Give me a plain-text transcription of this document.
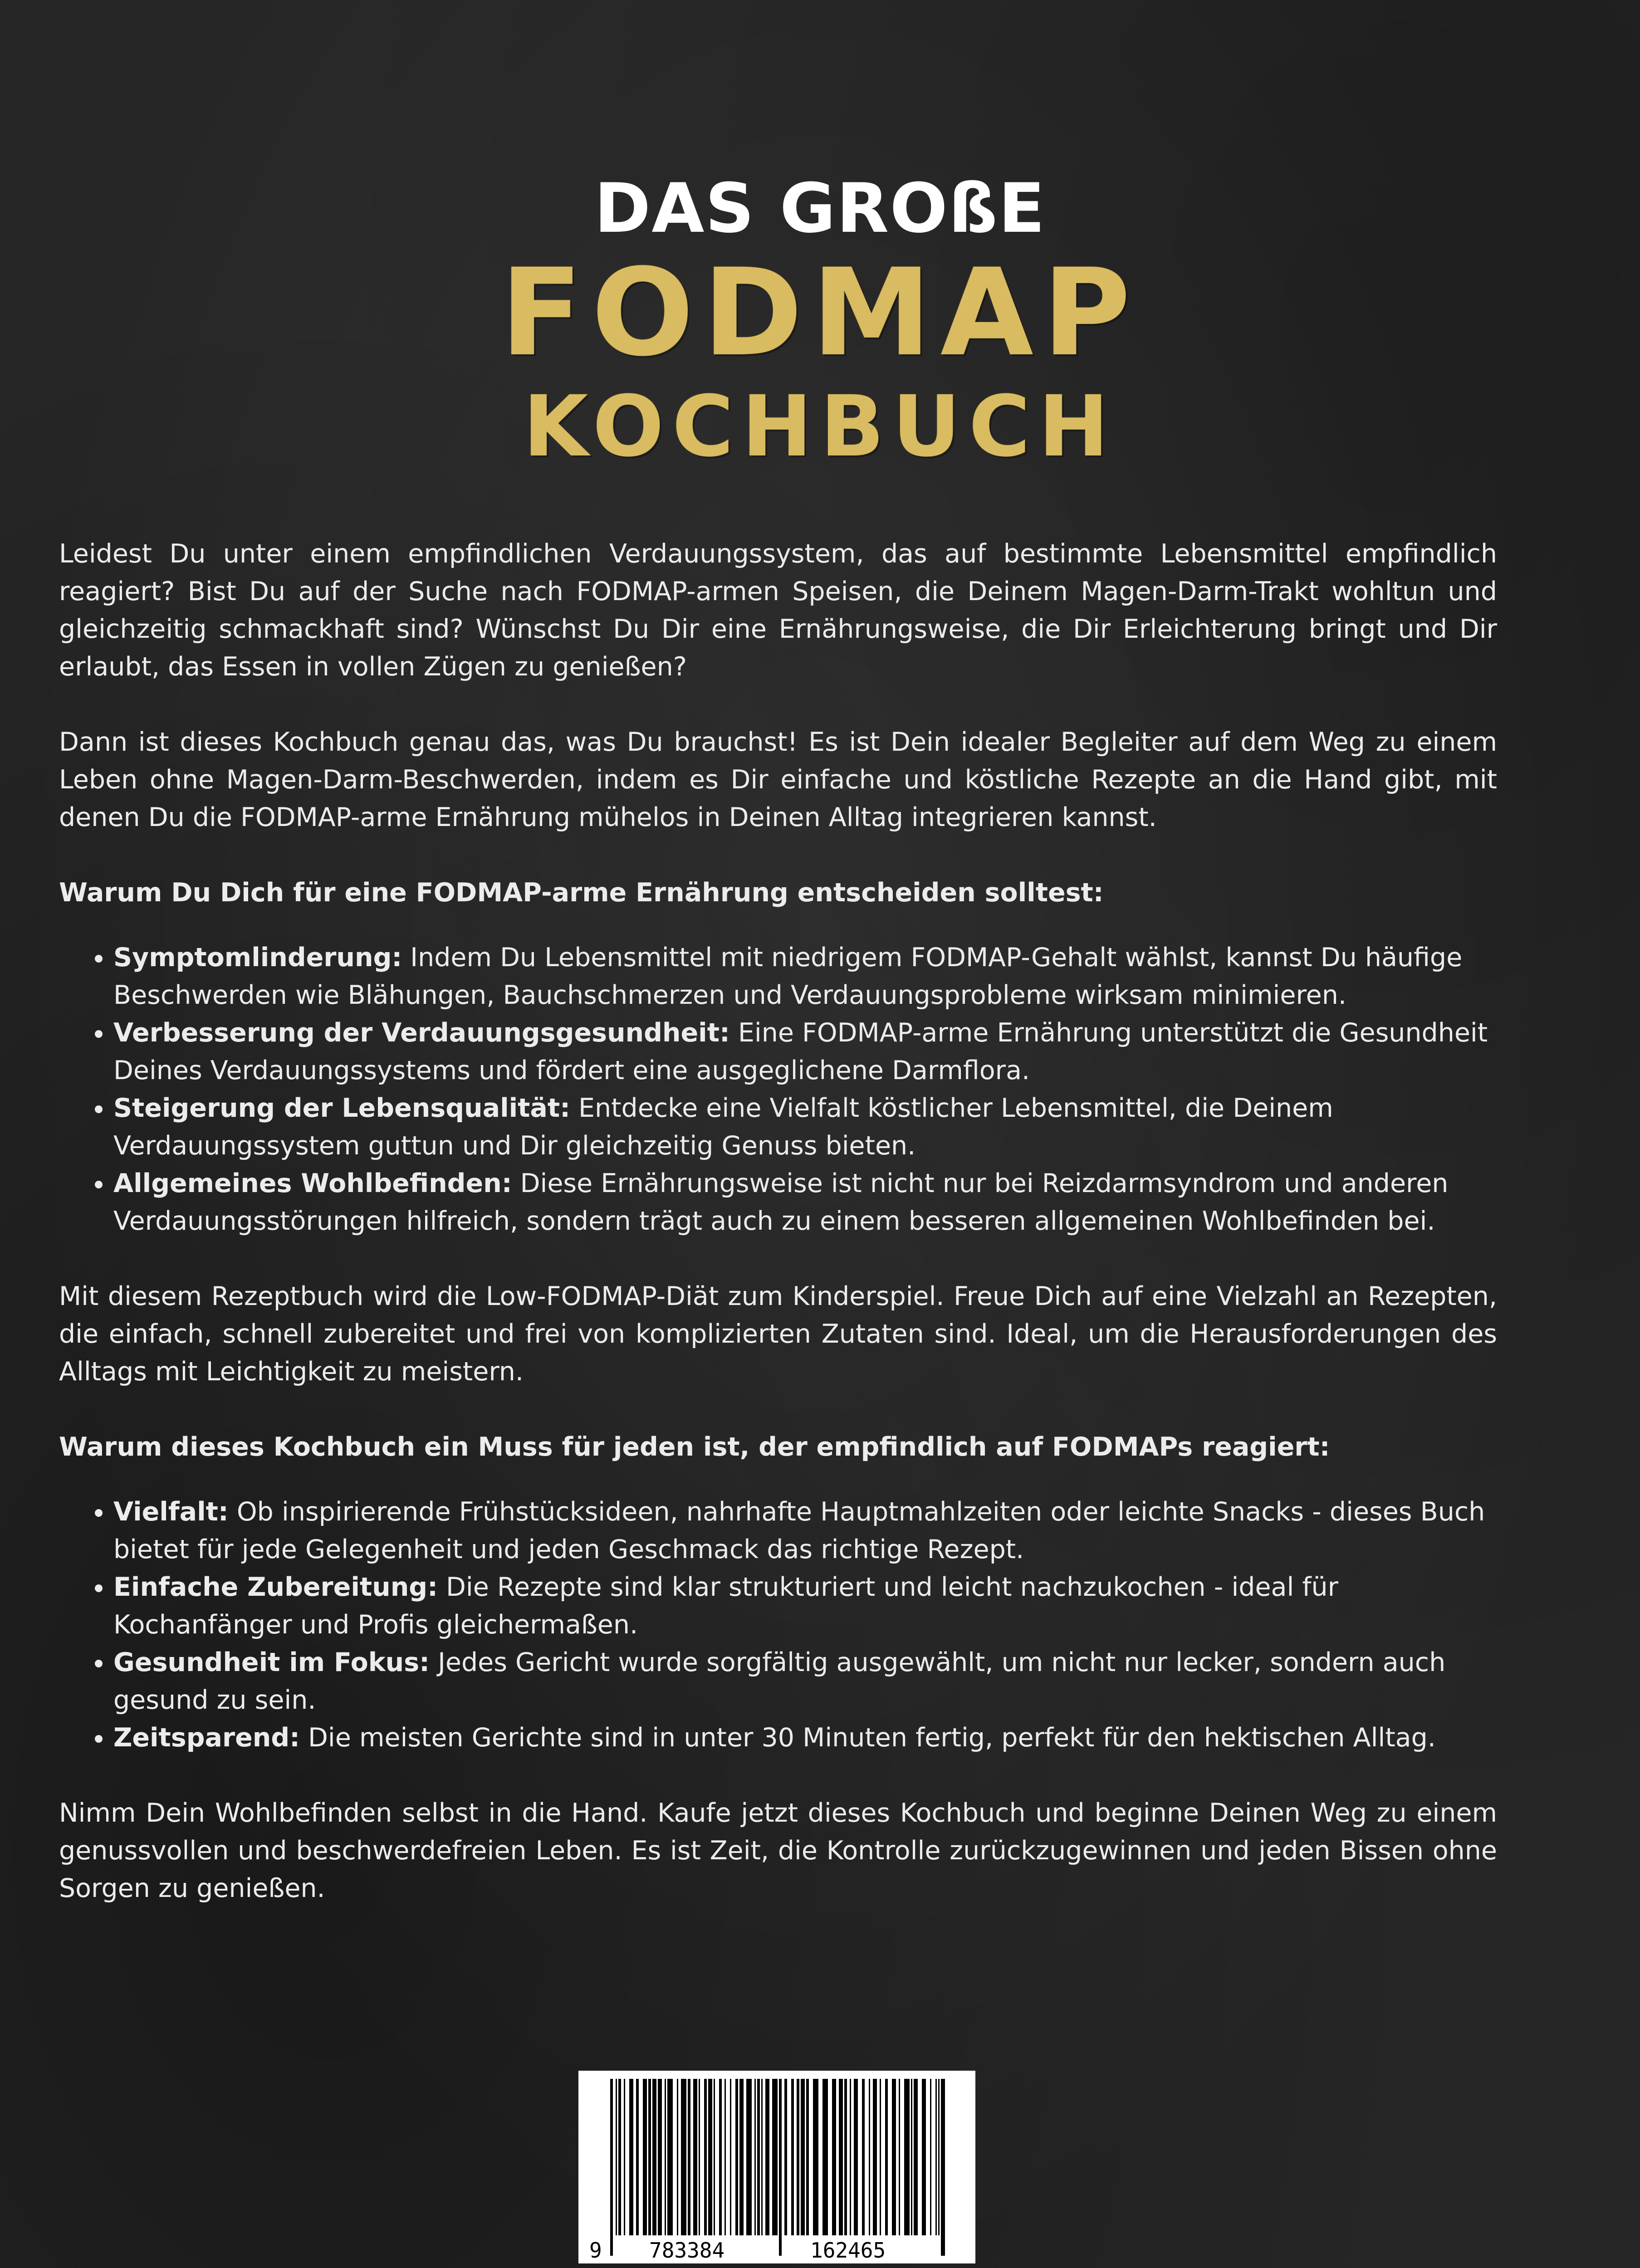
DAS GROßE
FODMAP
KOCHBUCH

Leidest Du unter einem empfindlichen Verdauungssystem, das auf bestimmte Lebensmittel empfindlich reagiert? Bist Du auf der Suche nach FODMAP-armen Speisen, die Deinem Magen-Darm-Trakt wohltun und gleichzeitig schmackhaft sind? Wünschst Du Dir eine Ernährungsweise, die Dir Erleichterung bringt und Dir erlaubt, das Essen in vollen Zügen zu genießen?

Dann ist dieses Kochbuch genau das, was Du brauchst! Es ist Dein idealer Begleiter auf dem Weg zu einem Leben ohne Magen-Darm-Beschwerden, indem es Dir einfache und köstliche Rezepte an die Hand gibt, mit denen Du die FODMAP-arme Ernährung mühelos in Deinen Alltag integrieren kannst.

Warum Du Dich für eine FODMAP-arme Ernährung entscheiden solltest:

• Symptomlinderung: Indem Du Lebensmittel mit niedrigem FODMAP-Gehalt wählst, kannst Du häufige Beschwerden wie Blähungen, Bauchschmerzen und Verdauungsprobleme wirksam minimieren.
• Verbesserung der Verdauungsgesundheit: Eine FODMAP-arme Ernährung unterstützt die Gesundheit Deines Verdauungssystems und fördert eine ausgeglichene Darmflora.
• Steigerung der Lebensqualität: Entdecke eine Vielfalt köstlicher Lebensmittel, die Deinem Verdauungssystem guttun und Dir gleichzeitig Genuss bieten.
• Allgemeines Wohlbefinden: Diese Ernährungsweise ist nicht nur bei Reizdarmsyndrom und anderen Verdauungsstörungen hilfreich, sondern trägt auch zu einem besseren allgemeinen Wohlbefinden bei.

Mit diesem Rezeptbuch wird die Low-FODMAP-Diät zum Kinderspiel. Freue Dich auf eine Vielzahl an Rezepten, die einfach, schnell zubereitet und frei von komplizierten Zutaten sind. Ideal, um die Herausforderungen des Alltags mit Leichtigkeit zu meistern.

Warum dieses Kochbuch ein Muss für jeden ist, der empfindlich auf FODMAPs reagiert:

• Vielfalt: Ob inspirierende Frühstücksideen, nahrhafte Hauptmahlzeiten oder leichte Snacks - dieses Buch bietet für jede Gelegenheit und jeden Geschmack das richtige Rezept.
• Einfache Zubereitung: Die Rezepte sind klar strukturiert und leicht nachzukochen - ideal für Kochanfänger und Profis gleichermaßen.
• Gesundheit im Fokus: Jedes Gericht wurde sorgfältig ausgewählt, um nicht nur lecker, sondern auch gesund zu sein.
• Zeitsparend: Die meisten Gerichte sind in unter 30 Minuten fertig, perfekt für den hektischen Alltag.

Nimm Dein Wohlbefinden selbst in die Hand. Kaufe jetzt dieses Kochbuch und beginne Deinen Weg zu einem genussvollen und beschwerdefreien Leben. Es ist Zeit, die Kontrolle zurückzugewinnen und jeden Bissen ohne Sorgen zu genießen.

9 783384	162465
